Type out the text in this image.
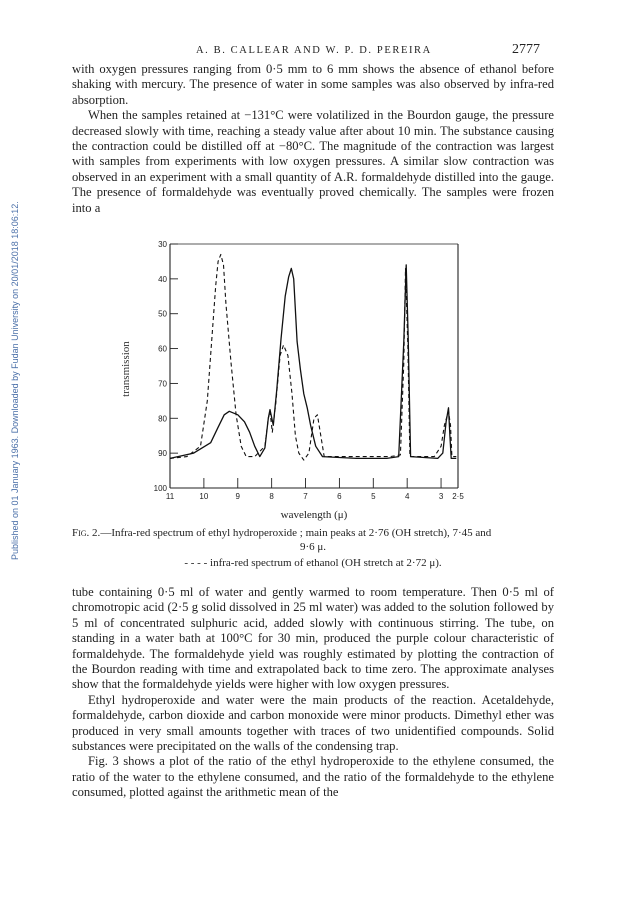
Published on 01 January 1963. Downloaded by Fudan University on 20/01/2018 18:06:12.
A. B. CALLEAR AND W. P. D. PEREIRA	2777

with oxygen pressures ranging from 0·5 mm to 6 mm shows the absence of ethanol before shaking with mercury. The presence of water in some samples was also observed by infra-red absorption.

When the samples retained at −131°C were volatilized in the Bourdon gauge, the pressure decreased slowly with time, reaching a steady value after about 10 min. The substance causing the contraction could be distilled off at −80°C. The magnitude of the contraction was largest with samples from experiments with low oxygen pressures. A similar slow contraction was observed in an experiment with a small quantity of A.R. formaldehyde distilled into the gauge. The presence of formaldehyde was eventually proved chemically. The samples were frozen into a

30
40
50
60
70
80
90
100
11	10	9	8	7	6	5	4	3 2·5
transmission
wavelength (μ)

Fig. 2.—Infra-red spectrum of ethyl hydroperoxide ; main peaks at 2·76 (OH stretch), 7·45 and

9·6 μ.

- - - - infra-red spectrum of ethanol (OH stretch at 2·72 μ).

tube containing 0·5 ml of water and gently warmed to room temperature. Then 0·5 ml of chromotropic acid (2·5 g solid dissolved in 25 ml water) was added to the solution followed by 5 ml of concentrated sulphuric acid, added slowly with continuous stirring. The tube, on standing in a water bath at 100°C for 30 min, produced the purple colour characteristic of formaldehyde. The formaldehyde yield was roughly estimated by plotting the contraction of the Bourdon reading with time and extrapolated back to time zero. The approximate analyses show that the formaldehyde yields were higher with low oxygen pressures.

Ethyl hydroperoxide and water were the main products of the reaction. Acetaldehyde, formaldehyde, carbon dioxide and carbon monoxide were minor products. Dimethyl ether was produced in very small amounts together with traces of two unidentified compounds. Solid substances were precipitated on the walls of the condensing trap.

Fig. 3 shows a plot of the ratio of the ethyl hydroperoxide to the ethylene consumed, the ratio of the water to the ethylene consumed, and the ratio of the formaldehyde to the ethylene consumed, plotted against the arithmetic mean of the
